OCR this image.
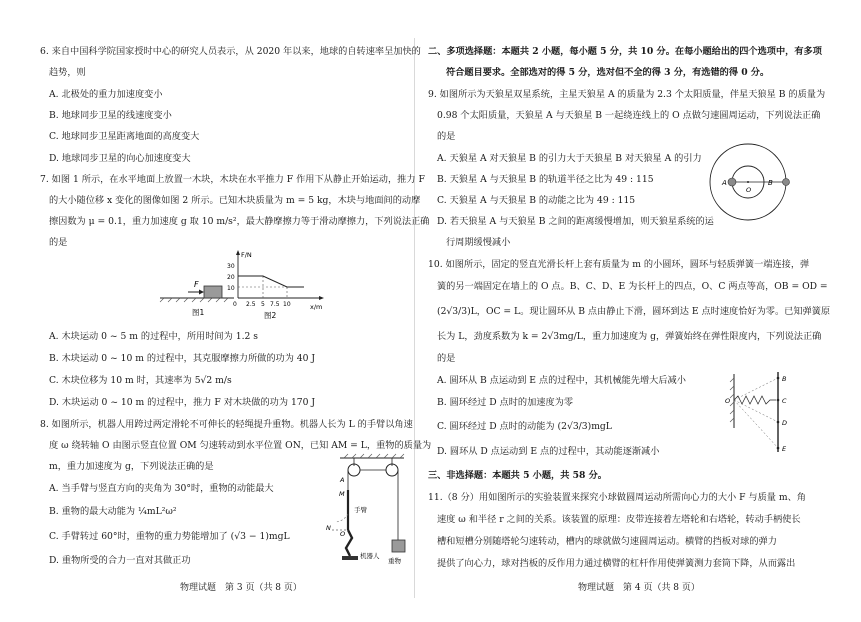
6. 来自中国科学院国家授时中心的研究人员表示，从 2020 年以来，地球的自转速率呈加快的
趋势，则
A. 北极处的重力加速度变小
B. 地球同步卫星的线速度变小
C. 地球同步卫星距离地面的高度变大
D. 地球同步卫星的向心加速度变大
7. 如图 1 所示，在水平地面上放置一木块，木块在水平推力 F 作用下从静止开始运动，推力 F
的大小随位移 x 变化的图像如图 2 所示。已知木块质量为 m = 5 kg，木块与地面间的动摩
擦因数为 μ = 0.1，重力加速度 g 取 10 m/s²，最大静摩擦力等于滑动摩擦力，下列说法正确
的是
F
图1
F/N
x/m
30
20
10
0 2.5 5 7.5 10
图2
A. 木块运动 0 ~ 5 m 的过程中，所用时间为 1.2 s
B. 木块运动 0 ~ 10 m 的过程中，其克服摩擦力所做的功为 40 J
C. 木块位移为 10 m 时，其速率为 5√2 m/s
D. 木块运动 0 ~ 10 m 的过程中，推力 F 对木块做的功为 170 J
8. 如图所示，机器人用跨过两定滑轮不可伸长的轻绳提升重物。机器人长为 L 的手臂以角速
度 ω 绕转轴 O 由图示竖直位置 OM 匀速转动到水平位置 ON，已知 AM = L，重物的质量为
m，重力加速度为 g，下列说法正确的是
A. 当手臂与竖直方向的夹角为 30°时，重物的动能最大
B. 重物的最大动能为 ¼mL²ω²
C. 手臂转过 60°时，重物的重力势能增加了 (√3 − 1)mgL
D. 重物所受的合力一直对其做正功	重物
A
M
N
O
手臂
机器人
物理试题　第 3 页（共 8 页）
二、多项选择题：本题共 2 小题，每小题 5 分，共 10 分。在每小题给出的四个选项中，有多项
符合题目要求。全部选对的得 5 分，选对但不全的得 3 分，有选错的得 0 分。
9. 如图所示为天狼星双星系统，主星天狼星 A 的质量为 2.3 个太阳质量，伴星天狼星 B 的质量为
0.98 个太阳质量，天狼星 A 与天狼星 B 一起绕连线上的 O 点做匀速圆周运动，下列说法正确
的是
A. 天狼星 A 对天狼星 B 的引力大于天狼星 B 对天狼星 A 的引力
B. 天狼星 A 与天狼星 B 的轨道半径之比为 49 : 115
C. 天狼星 A 与天狼星 B 的动能之比为 49 : 115
D. 若天狼星 A 与天狼星 B 之间的距离缓慢增加，则天狼星系统的运
行周期缓慢减小
A	B
O
10. 如图所示，固定的竖直光滑长杆上套有质量为 m 的小圆环，圆环与轻质弹簧一端连接，弹
簧的另一端固定在墙上的 O 点。B、C、D、E 为长杆上的四点，O、C 两点等高，OB = OD =
(2√3/3)L，OC = L。现让圆环从 B 点由静止下滑，圆环到达 E 点时速度恰好为零。已知弹簧原
长为 L，劲度系数为 k = 2√3mg/L，重力加速度为 g，弹簧始终在弹性限度内，下列说法正确
的是
A. 圆环从 B 点运动到 E 点的过程中，其机械能先增大后减小
B. 圆环经过 D 点时的加速度为零
C. 圆环经过 D 点时的动能为 (2√3/3)mgL
D. 圆环从 D 点运动到 E 点的过程中，其动能逐渐减小
O
B
C
D
E
三、非选择题：本题共 5 小题，共 58 分。
11.（8 分）用如图所示的实验装置来探究小球做圆周运动所需向心力的大小 F 与质量 m、角
速度 ω 和半径 r 之间的关系。该装置的原理：皮带连接着左塔轮和右塔轮，转动手柄使长
槽和短槽分别随塔轮匀速转动，槽内的球就做匀速圆周运动。横臂的挡板对球的弹力
提供了向心力，球对挡板的反作用力通过横臂的杠杆作用使弹簧测力套筒下降，从而露出
物理试题　第 4 页（共 8 页）
